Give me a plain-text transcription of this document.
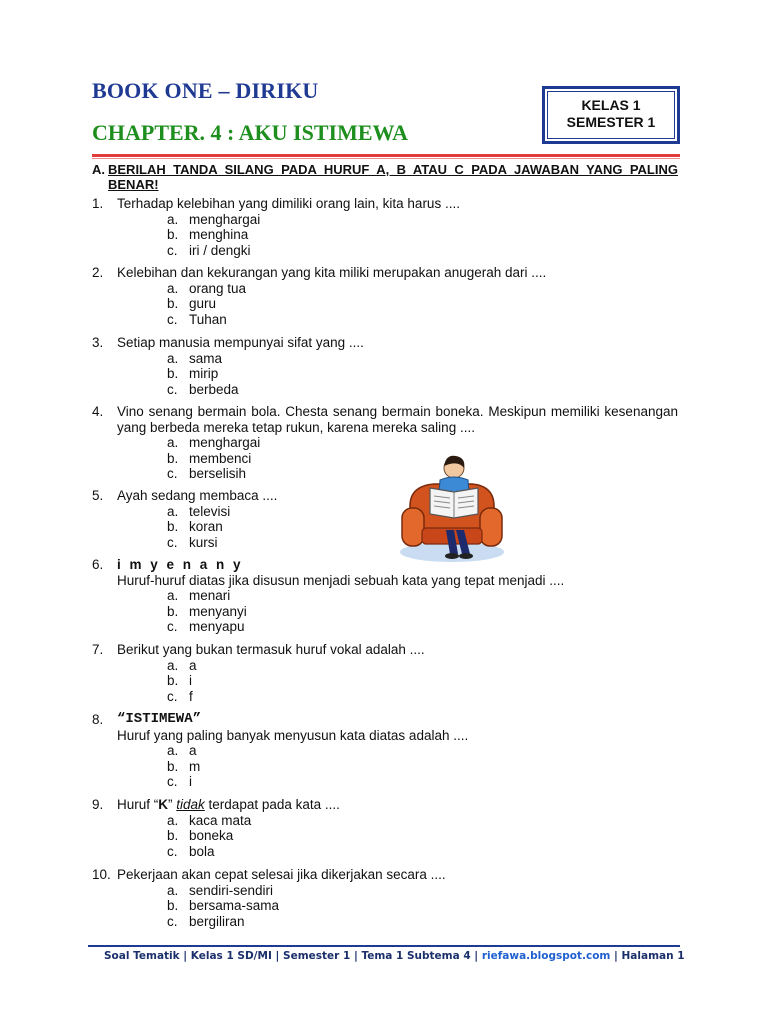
BOOK ONE – DIRIKU
CHAPTER. 4 : AKU ISTIMEWA
KELAS 1
SEMESTER 1
A. BERILAH TANDA SILANG PADA HURUF A, B ATAU C PADA JAWABAN YANG PALING BENAR!
1. Terhadap kelebihan yang dimiliki orang lain, kita harus ....
a. menghargai
b. menghina
c. iri / dengki
2. Kelebihan dan kekurangan yang kita miliki merupakan anugerah dari ....
a. orang tua
b. guru
c. Tuhan
3. Setiap manusia mempunyai sifat yang ....
a. sama
b. mirip
c. berbeda
4. Vino senang bermain bola. Chesta senang bermain boneka. Meskipun memiliki kesenangan yang berbeda mereka tetap rukun, karena mereka saling ....
a. menghargai
b. membenci
c. berselisih
5. Ayah sedang membaca ....
a. televisi
b. koran
c. kursi
6. i m y e n a n y
Huruf-huruf diatas jika disusun menjadi sebuah kata yang tepat menjadi ....
a. menari
b. menyanyi
c. menyapu
7. Berikut yang bukan termasuk huruf vokal adalah ....
a. a
b. i
c. f
8. “ISTIMEWA”
Huruf yang paling banyak menyusun kata diatas adalah ....
a. a
b. m
c. i
9. Huruf “K” tidak terdapat pada kata ....
a. kaca mata
b. boneka
c. bola
10. Pekerjaan akan cepat selesai jika dikerjakan secara ....
a. sendiri-sendiri
b. bersama-sama
c. bergiliran
Soal Tematik | Kelas 1 SD/MI | Semester 1 | Tema 1 Subtema 4 | riefawa.blogspot.com | Halaman 1
